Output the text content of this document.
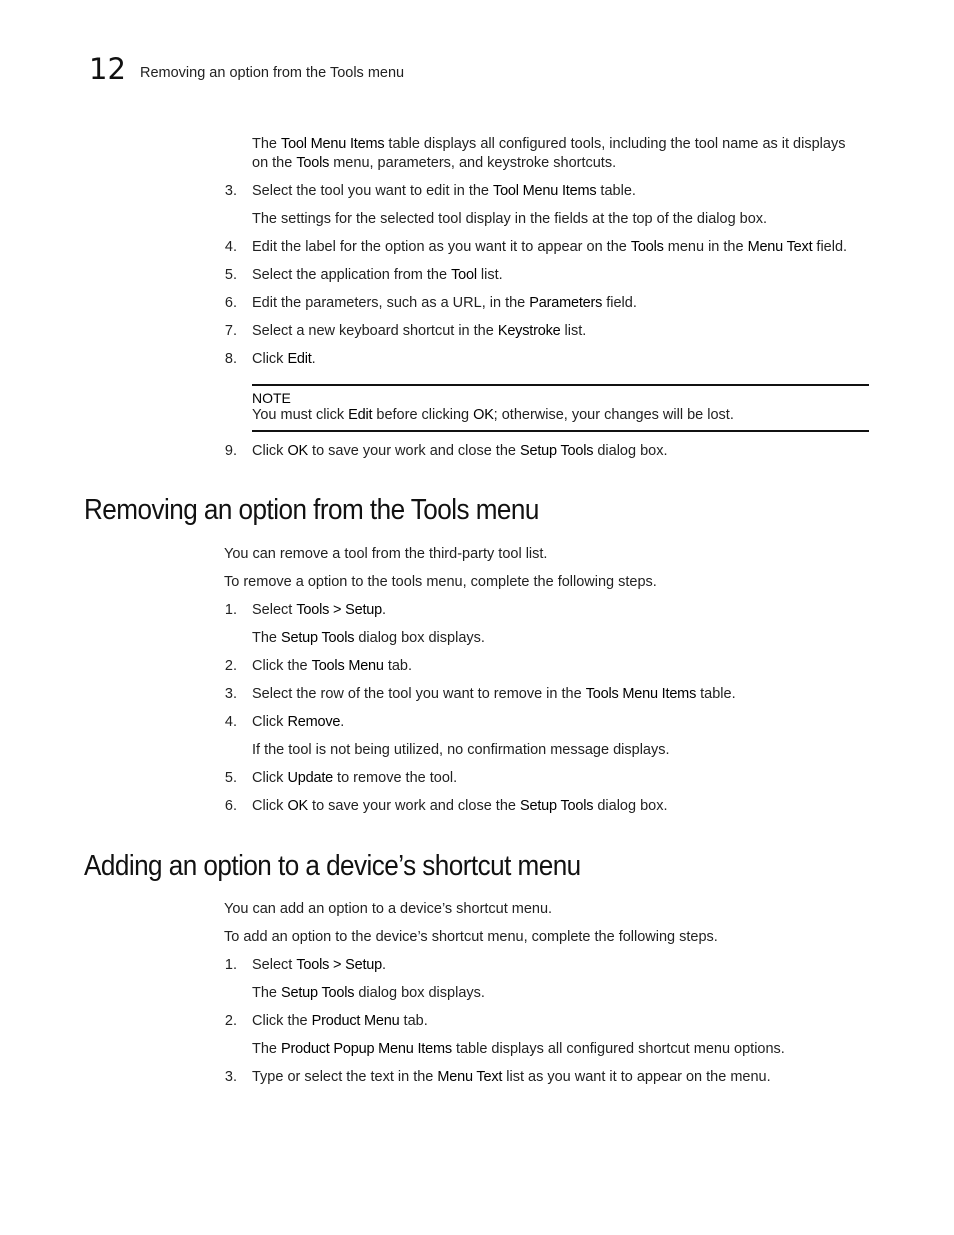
12 Removing an option from the Tools menu
The Tool Menu Items table displays all configured tools, including the tool name as it displays
on the Tools menu, parameters, and keystroke shortcuts.
3. Select the tool you want to edit in the Tool Menu Items table.
The settings for the selected tool display in the fields at the top of the dialog box.
4. Edit the label for the option as you want it to appear on the Tools menu in the Menu Text field.
5. Select the application from the Tool list.
6. Edit the parameters, such as a URL, in the Parameters field.
7. Select a new keyboard shortcut in the Keystroke list.
8. Click Edit.
NOTE
You must click Edit before clicking OK; otherwise, your changes will be lost.
9. Click OK to save your work and close the Setup Tools dialog box.
Removing an option from the Tools menu
You can remove a tool from the third-party tool list.
To remove a option to the tools menu, complete the following steps.
1. Select Tools > Setup.
The Setup Tools dialog box displays.
2. Click the Tools Menu tab.
3. Select the row of the tool you want to remove in the Tools Menu Items table.
4. Click Remove.
If the tool is not being utilized, no confirmation message displays.
5. Click Update to remove the tool.
6. Click OK to save your work and close the Setup Tools dialog box.
Adding an option to a device’s shortcut menu
You can add an option to a device’s shortcut menu.
To add an option to the device’s shortcut menu, complete the following steps.
1. Select Tools > Setup.
The Setup Tools dialog box displays.
2. Click the Product Menu tab.
The Product Popup Menu Items table displays all configured shortcut menu options.
3. Type or select the text in the Menu Text list as you want it to appear on the menu.
